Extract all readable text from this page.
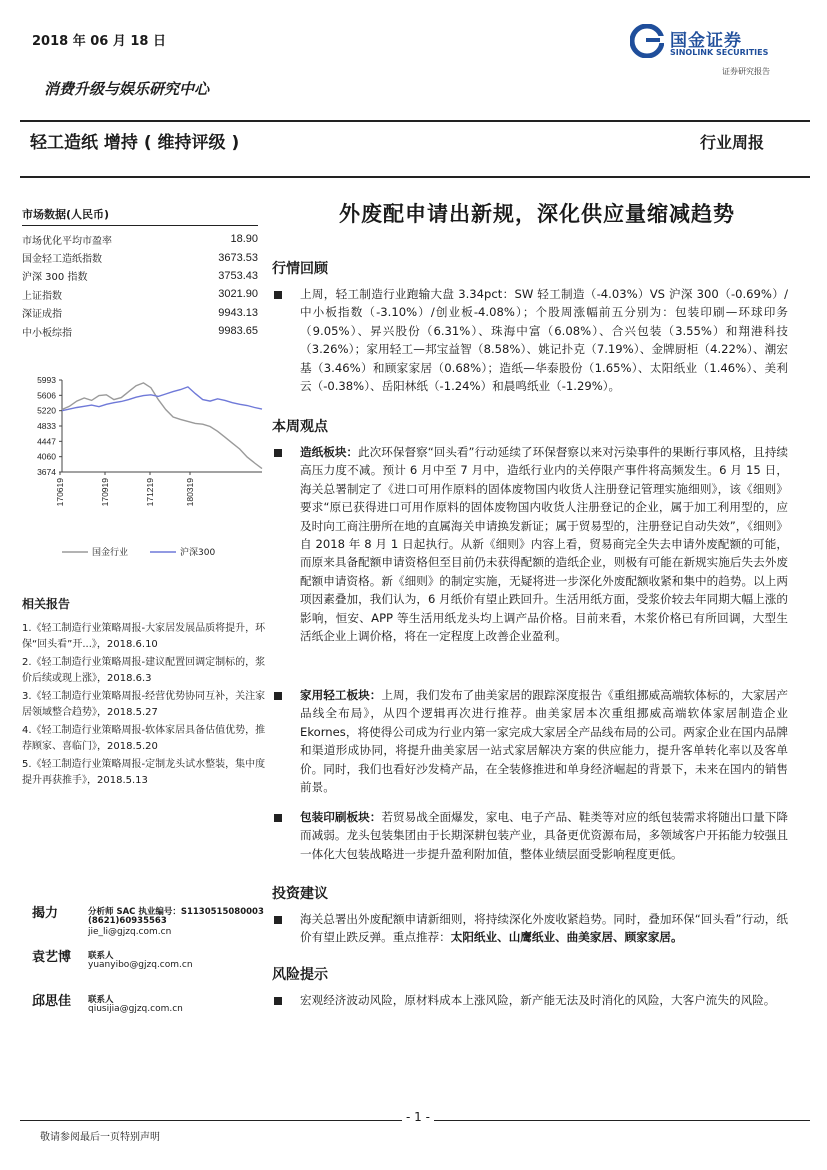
2018 年 06 月 18 日	国金证券
SINOLINK SECURITIES
证券研究报告
消费升级与娱乐研究中心
轻工造纸 增持 ( 维持评级 )	行业周报
外废配申请出新规，深化供应量缩减趋势
市场数据(人民币)
市场优化平均市盈率	18.90
国金轻工造纸指数	3673.53
沪深 300 指数	3753.43
上证指数	3021.90
深证成指	9943.13
中小板综指	9983.65
5993
5606
5220
4833
4447
4060
3674
170619	170919	171219	180319
国金行业	沪深300
相关报告
1.《轻工制造行业策略周报-大家居发展品质将提升，环保“回头看”开...》，2018.6.10
2.《轻工制造行业策略周报-建议配置回调定制标的，浆价后续或现上涨》，2018.6.3
3.《轻工制造行业策略周报-经营优势协同互补，关注家居领域整合趋势》，2018.5.27
4.《轻工制造行业策略周报-软体家居具备估值优势，推荐顾家、喜临门》，2018.5.20
5.《轻工制造行业策略周报-定制龙头试水整装，集中度提升再获推手》，2018.5.13
揭力	分析师 SAC 执业编号：S1130515080003
(8621)60935563
jie_li@gjzq.com.cn
袁艺博 联系人
yuanyibo@gjzq.com.cn
邱思佳 联系人
qiusijia@gjzq.com.cn
行情回顾
上周，轻工制造行业跑输大盘 3.34pct：SW 轻工制造（-4.03%）VS 沪深 300（-0.69%）/中小板指数（-3.10%）/创业板-4.08%）；个股周涨幅前五分别为：包装印刷—环球印务（9.05%）、昇兴股份（6.31%）、珠海中富（6.08%）、合兴包装（3.55%）和翔港科技（3.26%）；家用轻工—邦宝益智（8.58%）、姚记扑克（7.19%）、金牌厨柜（4.22%）、潮宏基（3.46%）和顾家家居（0.68%）；造纸—华泰股份（1.65%）、太阳纸业（1.46%）、美利云（-0.38%）、岳阳林纸（-1.24%）和晨鸣纸业（-1.29%）。
本周观点
造纸板块：此次环保督察“回头看”行动延续了环保督察以来对污染事件的果断行事风格，且持续高压力度不减。预计 6 月中至 7 月中，造纸行业内的关停限产事件将高频发生。6 月 15 日，海关总署制定了《进口可用作原料的固体废物国内收货人注册登记管理实施细则》，该《细则》要求“原已获得进口可用作原料的固体废物国内收货人注册登记的企业，属于加工利用型的，应及时向工商注册所在地的直属海关申请换发新证；属于贸易型的，注册登记自动失效”，《细则》自 2018 年 8 月 1 日起执行。从新《细则》内容上看，贸易商完全失去申请外废配额的可能，而原来具备配额申请资格但至目前仍未获得配额的造纸企业，则极有可能在新规实施后失去外废配额申请资格。新《细则》的制定实施，无疑将进一步深化外废配额收紧和集中的趋势。以上两项因素叠加，我们认为，6 月纸价有望止跌回升。生活用纸方面，受浆价较去年同期大幅上涨的影响，恒安、APP 等生活用纸龙头均上调产品价格。目前来看，木浆价格已有所回调，大型生活纸企业上调价格，将在一定程度上改善企业盈利。
家用轻工板块：上周，我们发布了曲美家居的跟踪深度报告《重组挪威高端软体标的，大家居产品线全布局》，从四个逻辑再次进行推荐。曲美家居本次重组挪威高端软体家居制造企业 Ekornes，将使得公司成为行业内第一家完成大家居全产品线布局的公司。两家企业在国内品牌和渠道形成协同，将提升曲美家居一站式家居解决方案的供应能力，提升客单转化率以及客单价。同时，我们也看好沙发椅产品，在全装修推进和单身经济崛起的背景下，未来在国内的销售前景。
包装印刷板块：若贸易战全面爆发，家电、电子产品、鞋类等对应的纸包装需求将随出口量下降而减弱。龙头包装集团由于长期深耕包装产业，具备更优资源布局，多领域客户开拓能力较强且一体化大包装战略进一步提升盈利附加值，整体业绩层面受影响程度更低。
投资建议
海关总署出外废配额申请新细则，将持续深化外废收紧趋势。同时，叠加环保“回头看”行动，纸价有望止跌反弹。重点推荐：太阳纸业、山鹰纸业、曲美家居、顾家家居。
风险提示
宏观经济波动风险，原材料成本上涨风险，新产能无法及时消化的风险，大客户流失的风险。
- 1 -
敬请参阅最后一页特别声明
